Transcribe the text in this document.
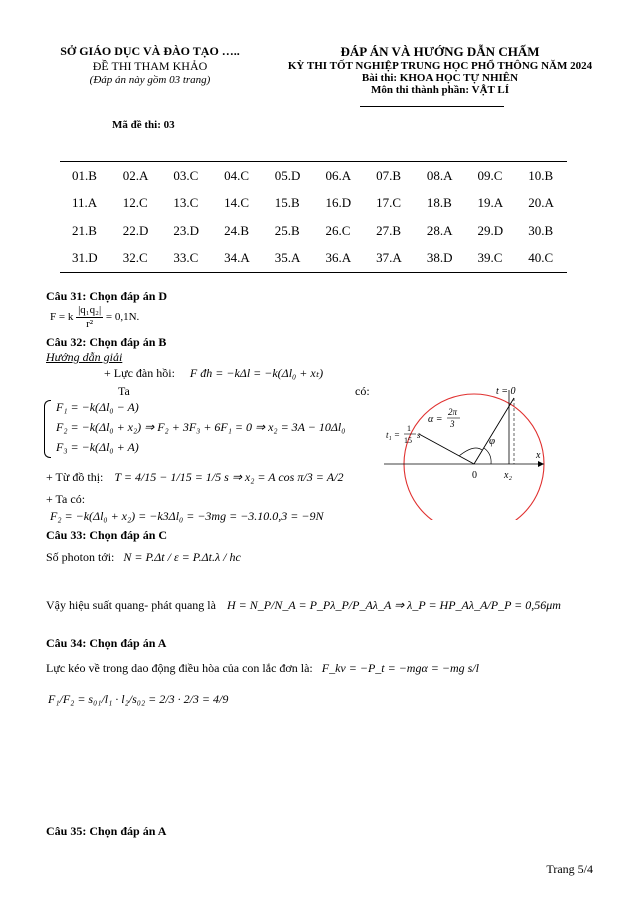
SỞ GIÁO DỤC VÀ ĐÀO TẠO …..
ĐỀ THI THAM KHẢO
(Đáp án này gồm 03 trang)
ĐÁP ÁN VÀ HƯỚNG DẪN CHẤM
KỲ THI TỐT NGHIỆP TRUNG HỌC PHỔ THÔNG NĂM 2024
Bài thi: KHOA HỌC TỰ NHIÊN
Môn thi thành phần: VẬT LÍ
Mã đề thi: 03
01.B	02.A	03.C	04.C	05.D	06.A	07.B	08.A	09.C	10.B
11.A	12.C	13.C	14.C	15.B	16.D	17.C	18.B	19.A	20.A
21.B	22.D	23.D	24.B	25.B	26.C	27.B	28.A	29.D	30.B
31.D	32.C	33.C	34.A	35.A	36.A	37.A	38.D	39.C	40.C
Câu 31: Chọn đáp án D
F = k $\frac{\text{|q₁q₂|}}{\text{r²}} = 0,1N$.
Câu 32: Chọn đáp án B
Hướng dẫn giải
+ Lực đàn hồi: F đh = −kΔl = −k(Δl₀ + xₜ)
Ta	có:
F₁ = −k(Δl₀ − A)
F₂ = −k(Δl₀ + x₂) ⇒ F₂ + 3F₃ + 6F₁ = 0 ⇒ x₂ = 3A − 10Δl₀
F₃ = −k(Δl₀ + A)
+ Từ đồ thị: T = 4/15 − 1/15 = 1/5 s ⇒ x₂ = A cos π/3 = A/2
+ Ta có:
F₂ = −k(Δl₀ + x₂) = −k3Δl₀ = −3mg = −3.10.0,3 = −9N
t = 0
α =
2π
3
φ
t₁ =
1
15
s
x
0	x₂
Câu 33: Chọn đáp án C
Số photon tới: N = P.Δt / ε = P.Δt.λ / hc
Vậy hiệu suất quang- phát quang là H = N_P/N_A = P_Pλ_P/P_Aλ_A ⇒ λ_P = HP_Aλ_A/P_P = 0,56μm
Câu 34: Chọn đáp án A
Lực kéo về trong dao động điều hòa của con lắc đơn là: F_kv = −P_t = −mgα = −mg s/l
F₁/F₂ = s₀₁/l₁ · l₂/s₀₂ = 2/3 · 2/3 = 4/9
Câu 35: Chọn đáp án A
Trang 5/4
